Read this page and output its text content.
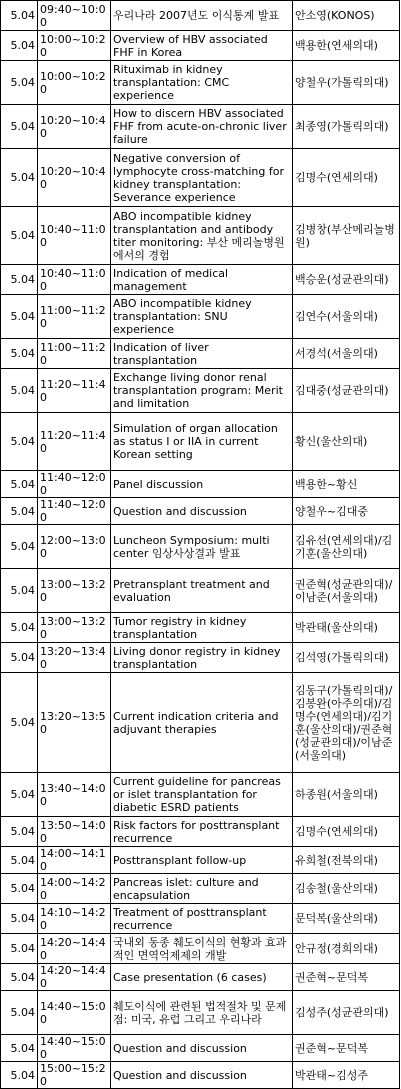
5.04	09:40~10:00	우리나라 2007년도 이식통계 발표	안소영(KONOS)
5.04	10:00~10:20	Overview of HBV associated FHF in Korea	백용한(연세의대)
5.04	10:00~10:20	Rituximab in kidney transplantation: CMC experience	양철우(가톨릭의대)
5.04	10:20~10:40	How to discern HBV associated FHF from acute-on-chronic liver failure	최종영(가톨릭의대)
5.04	10:20~10:40	Negative conversion of lymphocyte cross-matching for kidney transplantation: Severance experience	김명수(연세의대)
5.04	10:40~11:00	ABO incompatible kidney transplantation and antibody titer monitoring: 부산 메리놀병원에서의 경험	김병창(부산메리놀병원)
5.04	10:40~11:00	Indication of medical management	백승운(성균관의대)
5.04	11:00~11:20	ABO incompatible kidney transplantation: SNU experience	김연수(서울의대)
5.04	11:00~11:20	Indication of liver transplantation	서경석(서울의대)
5.04	11:20~11:40	Exchange living donor renal transplantation program: Merit and limitation	김대중(성균관의대)
5.04	11:20~11:40	Simulation of organ allocation as status I or IIA in current Korean setting	황신(울산의대)
5.04	11:40~12:00	Panel discussion	백용한~황신
5.04	11:40~12:00	Question and discussion	양철우~김대중
5.04	12:00~13:00	Luncheon Symposium: multi center 임상사상결과 발표	김유선(연세의대)/김기훈(울산의대)
5.04	13:00~13:20	Pretransplant treatment and evaluation	권준혁(성균관의대)/이남준(서울의대)
5.04	13:00~13:20	Tumor registry in kidney transplantation	박관태(울산의대)
5.04	13:20~13:40	Living donor registry in kidney transplantation	김석영(가톨릭의대)
5.04	13:20~13:50	Current indication criteria and adjuvant therapies	김동구(가톨릭의대)/김봉완(아주의대)/김명수(연세의대)/김기훈(울산의대)/권준혁(성균관의대)/이남준(서울의대)
5.04	13:40~14:00	Current guideline for pancreas or islet transplantation for diabetic ESRD patients	하종원(서울의대)
5.04	13:50~14:00	Risk factors for posttransplant recurrence	김명수(연세의대)
5.04	14:00~14:10	Posttransplant follow-up	유희철(전북의대)
5.04	14:00~14:20	Pancreas islet: culture and encapsulation	김송철(울산의대)
5.04	14:10~14:20	Treatment of posttransplant recurrence	문덕복(울산의대)
5.04	14:20~14:40	국내외 동종 췌도이식의 현황과 효과적인 면역억제제의 개발	안규정(경희의대)
5.04	14:20~14:40	Case presentation (6 cases)	권준혁~문덕복
5.04	14:40~15:00	췌도이식에 관련된 법적절차 및 문제점: 미국, 유럽 그리고 우리나라	김성주(성균관의대)
5.04	14:40~15:00	Question and discussion	권준혁~문덕복
5.04	15:00~15:20	Question and discussion	박관태~김성주
